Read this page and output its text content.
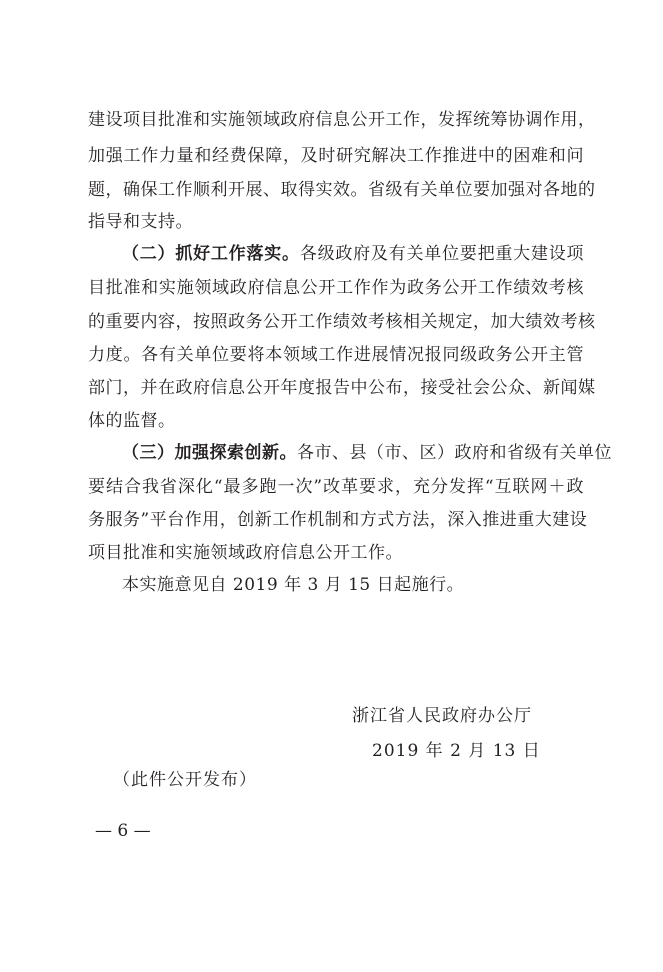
建设项目批准和实施领域政府信息公开工作，发挥统筹协调作用，
加强工作力量和经费保障，及时研究解决工作推进中的困难和问
题，确保工作顺利开展、取得实效。省级有关单位要加强对各地的
指导和支持。
（二）抓好工作落实。各级政府及有关单位要把重大建设项
目批准和实施领域政府信息公开工作作为政务公开工作绩效考核
的重要内容，按照政务公开工作绩效考核相关规定，加大绩效考核
力度。各有关单位要将本领域工作进展情况报同级政务公开主管
部门，并在政府信息公开年度报告中公布，接受社会公众、新闻媒
体的监督。
（三）加强探索创新。各市、县（市、区）政府和省级有关单位
要结合我省深化“最多跑一次”改革要求，充分发挥“互联网＋政
务服务”平台作用，创新工作机制和方式方法，深入推进重大建设
项目批准和实施领域政府信息公开工作。
本实施意见自 2019 年 3 月 15 日起施行。
浙江省人民政府办公厅
2019 年 2 月 13 日
（此件公开发布）
— 6 —
